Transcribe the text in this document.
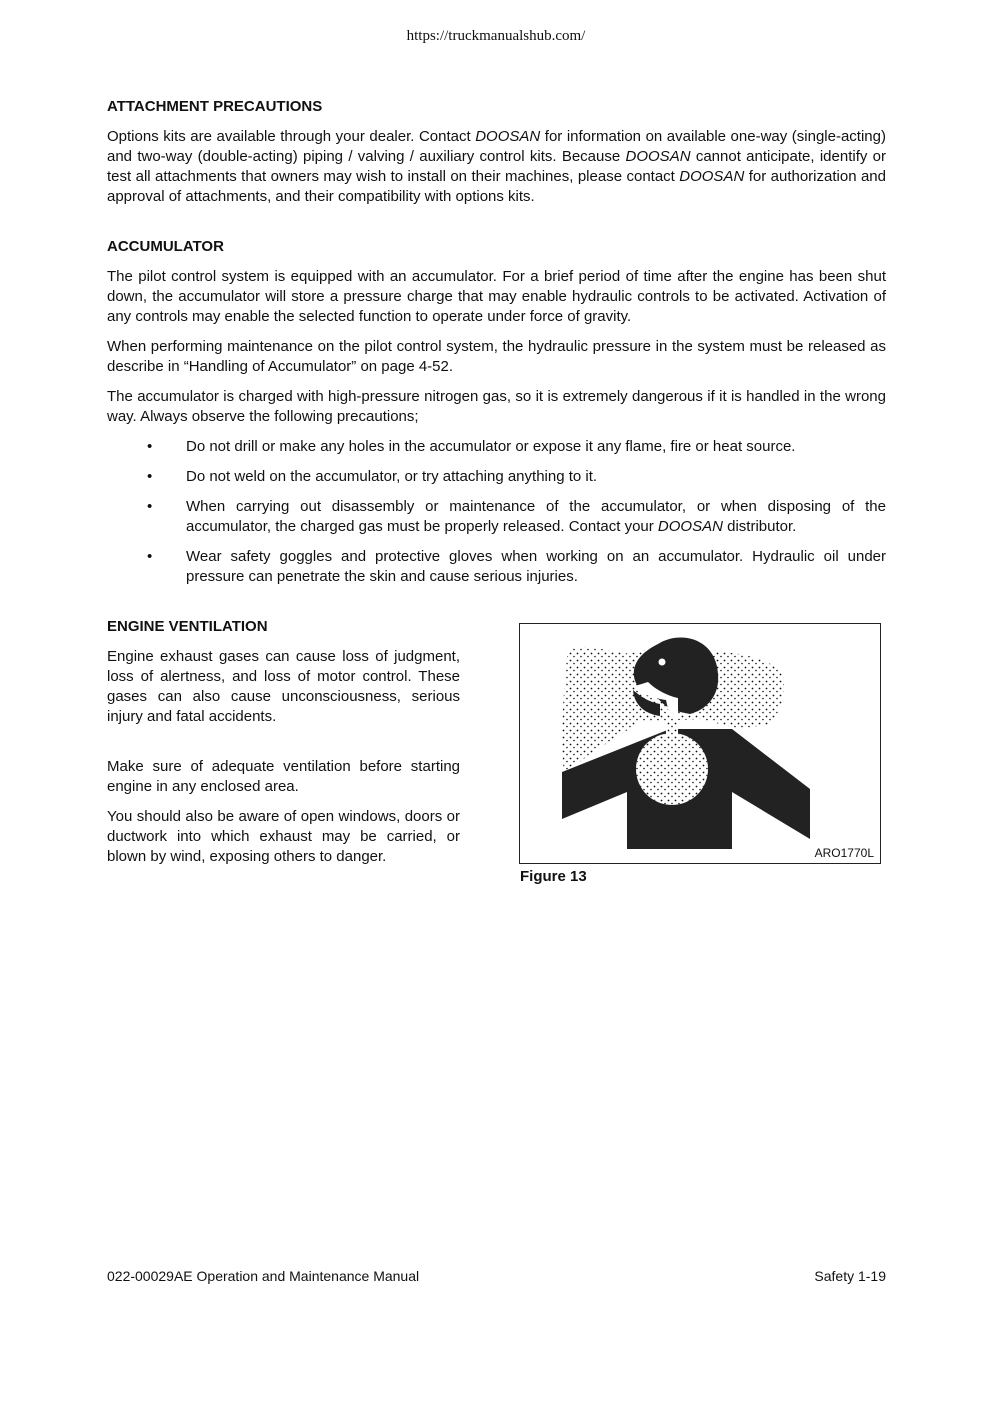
https://truckmanualshub.com/
ATTACHMENT PRECAUTIONS

Options kits are available through your dealer. Contact DOOSAN for information on available one-way (single-acting) and two-way (double-acting) piping / valving / auxiliary control kits. Because DOOSAN cannot anticipate, identify or test all attachments that owners may wish to install on their machines, please contact DOOSAN for authorization and approval of attachments, and their compatibility with options kits.

ACCUMULATOR

The pilot control system is equipped with an accumulator. For a brief period of time after the engine has been shut down, the accumulator will store a pressure charge that may enable hydraulic controls to be activated. Activation of any controls may enable the selected function to operate under force of gravity.

When performing maintenance on the pilot control system, the hydraulic pressure in the system must be released as describe in “Handling of Accumulator” on page 4-52.

The accumulator is charged with high-pressure nitrogen gas, so it is extremely dangerous if it is handled in the wrong way. Always observe the following precautions;

• Do not drill or make any holes in the accumulator or expose it any flame, fire or heat source.
• Do not weld on the accumulator, or try attaching anything to it.
• When carrying out disassembly or maintenance of the accumulator, or when disposing of the accumulator, the charged gas must be properly released. Contact your DOOSAN distributor.
• Wear safety goggles and protective gloves when working on an accumulator. Hydraulic oil under pressure can penetrate the skin and cause serious injuries.
ENGINE VENTILATION

Engine exhaust gases can cause loss of judgment, loss of alertness, and loss of motor control. These gases can also cause unconsciousness, serious injury and fatal accidents.

Make sure of adequate ventilation before starting engine in any enclosed area.

You should also be aware of open windows, doors or ductwork into which exhaust may be carried, or blown by wind, exposing others to danger.	ARO1770L
Figure 13
022-00029AE Operation and Maintenance Manual	Safety 1-19
